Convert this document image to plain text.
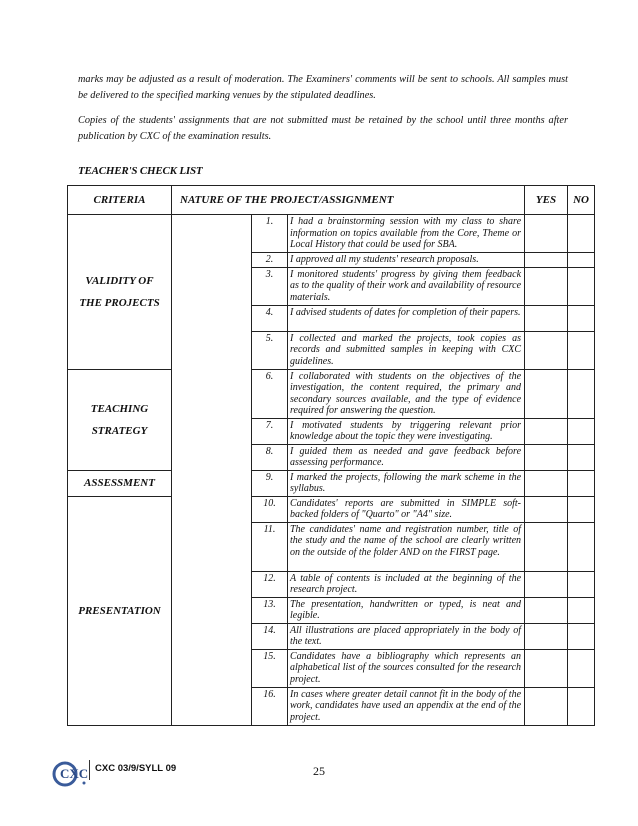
marks may be adjusted as a result of moderation. The Examiners' comments will be sent to schools. All samples must be delivered to the specified marking venues by the stipulated deadlines.

Copies of the students' assignments that are not submitted must be retained by the school until three months after publication by CXC of the examination results.

TEACHER'S CHECK LIST

CRITERIA	NATURE OF THE PROJECT/ASSIGNMENT			YES	NO
VALIDITY OF THE PROJECTS		1.	I had a brainstorming session with my class to share information on topics available from the Core, Theme or Local History that could be used for SBA.		
		2.	I approved all my students' research proposals.		
		3.	I monitored students' progress by giving them feedback as to the quality of their work and availability of resource materials.		
		4.	I advised students of dates for completion of their papers.		
		5.	I collected and marked the projects, took copies as records and submitted samples in keeping with CXC guidelines.		
TEACHING STRATEGY		6.	I collaborated with students on the objectives of the investigation, the content required, the primary and secondary sources available, and the type of evidence required for answering the question.		
		7.	I motivated students by triggering relevant prior knowledge about the topic they were investigating.		
		8.	I guided them as needed and gave feedback before assessing performance.		
ASSESSMENT		9.	I marked the projects, following the mark scheme in the syllabus.		
PRESENTATION		10.	Candidates' reports are submitted in SIMPLE soft-backed folders of "Quarto" or "A4" size.		
		11.	The candidates' name and registration number, title of the study and the name of the school are clearly written on the outside of the folder AND on the FIRST page.		
		12.	A table of contents is included at the beginning of the research project.		
		13.	The presentation, handwritten or typed, is neat and legible.		
		14.	All illustrations are placed appropriately in the body of the text.		
		15.	Candidates have a bibliography which represents an alphabetical list of the sources consulted for the research project.		
		16.	In cases where greater detail cannot fit in the body of the work, candidates have used an appendix at the end of the project.		
CXC CXC 03/9/SYLL 09	25
